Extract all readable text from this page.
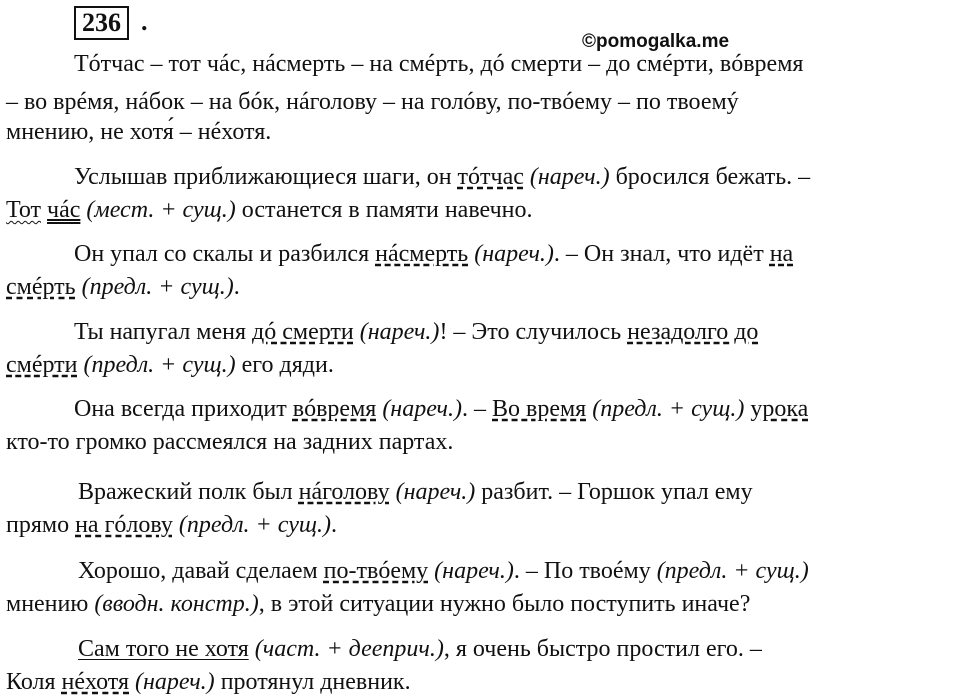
236 .
©pomogalka.me
Тóтчас – тот чáс, нáсмерть – на смéрть, дó смерти – до смéрти, вóвремя
– во врéмя, нáбок – на бóк, нáголову – на голóву, по-твóему – по твоемý
мнению, не хотя́ – нéхотя.
Услышав приближающиеся шаги, он тóтчас (нареч.) бросился бежать. –
Тот чáс (мест. + сущ.) останется в памяти навечно.
Он упал со скалы и разбился нáсмерть (нареч.). – Он знал, что идёт на
смéрть (предл. + сущ.).
Ты напугал меня дó смерти (нареч.)! – Это случилось незадолго до
смéрти (предл. + сущ.) его дяди.
Она всегда приходит вóвремя (нареч.). – Во время (предл. + сущ.) урока
кто-то громко рассмеялся на задних партах.
Вражеский полк был нáголову (нареч.) разбит. – Горшок упал ему
прямо на гóлову (предл. + сущ.).
Хорошо, давай сделаем по-твóему (нареч.). – По твоéму (предл. + сущ.)
мнению (вводн. констр.), в этой ситуации нужно было поступить иначе?
Сам того не хотя (част. + дееприч.), я очень быстро простил его. –
Коля нéхотя (нареч.) протянул дневник.
